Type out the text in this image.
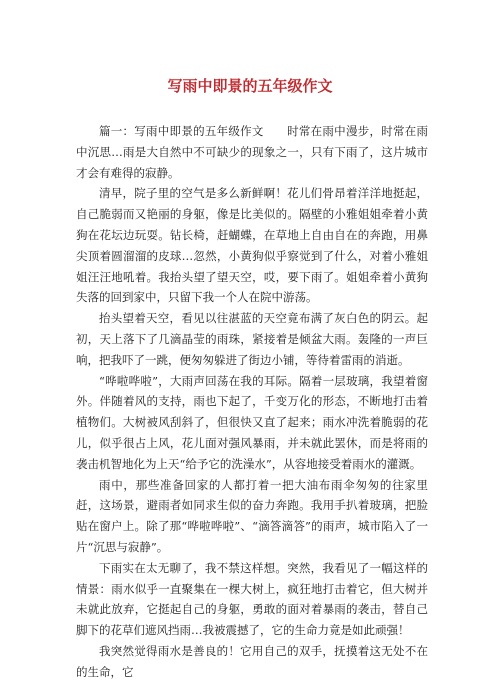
写雨中即景的五年级作文

篇一：写雨中即景的五年级作文　　时常在雨中漫步，时常在雨中沉思…雨是大自然中不可缺少的现象之一，只有下雨了，这片城市才会有难得的寂静。

清早，院子里的空气是多么新鲜啊！花儿们骨昂着洋洋地挺起，自己脆弱而又艳丽的身躯，像是比美似的。隔壁的小雅姐姐牵着小黄狗在花坛边玩耍。钻长椅，赶蝴蝶，在草地上自由自在的奔跑，用鼻尖顶着圆溜溜的皮球…忽然，小黄狗似乎察觉到了什么，对着小雅姐姐汪汪地吼着。我抬头望了望天空，哎，要下雨了。姐姐牵着小黄狗失落的回到家中，只留下我一个人在院中游荡。

抬头望着天空，看见以往湛蓝的天空竟布满了灰白色的阴云。起初，天上落下了几滴晶莹的雨珠，紧接着是倾盆大雨。轰隆的一声巨响，把我吓了一跳，便匆匆躲进了街边小铺，等待着雷雨的消逝。

“哗啦哗啦”，大雨声回荡在我的耳际。隔着一层玻璃，我望着窗外。伴随着风的支持，雨也下起了，千变万化的形态，不断地打击着植物们。大树被风刮斜了，但很快又直了起来；雨水冲洗着脆弱的花儿，似乎很占上风，花儿面对强风暴雨，并未就此罢休，而是将雨的袭击机智地化为上天“给予它的洗澡水”，从容地接受着雨水的灌溉。

雨中，那些准备回家的人都打着一把大油布雨伞匆匆的往家里赶，这场景，避雨者如同求生似的奋力奔跑。我用手扒着玻璃，把脸贴在窗户上。除了那“哗啦哗啦”、“滴答滴答”的雨声，城市陷入了一片“沉思与寂静”。

下雨实在太无聊了，我不禁这样想。突然，我看见了一幅这样的情景：雨水似乎一直聚集在一棵大树上，疯狂地打击着它，但大树并未就此放弃，它挺起自己的身躯，勇敢的面对着暴雨的袭击，替自己脚下的花草们遮风挡雨…我被震撼了，它的生命力竟是如此顽强！

我突然觉得雨水是善良的！它用自己的双手，抚摸着这无处不在的生命，它
